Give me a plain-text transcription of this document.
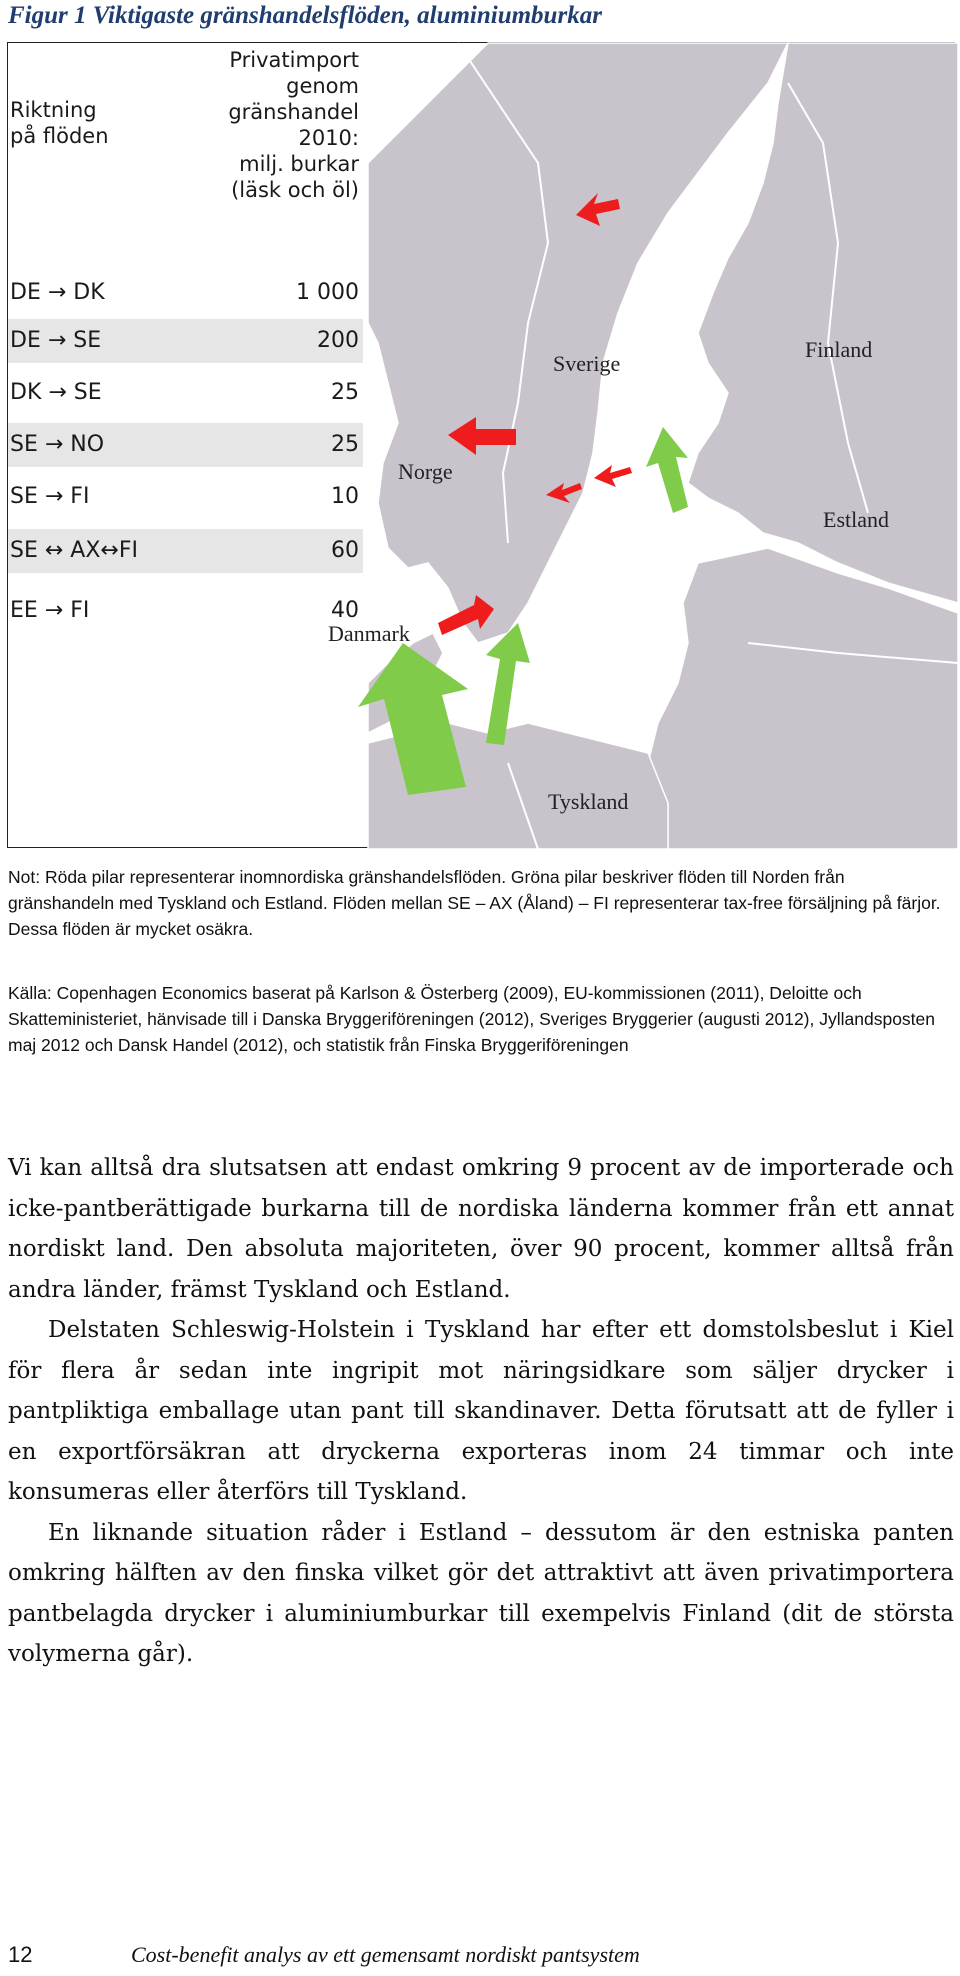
Figur 1 Viktigaste gränshandelsflöden, aluminiumburkar
Riktning
på flöden
Privatimport
genom
gränshandel
2010:
milj. burkar
(läsk och öl)
DE → DK	1 000
DE → SE	200
DK → SE	25
SE → NO	25
SE → FI	10
SE ↔ AX↔FI	60
EE → FI	40
Sverige
Finland
Norge
Estland
Danmark
Tyskland

Not: Röda pilar representerar inomnordiska gränshandelsflöden. Gröna pilar beskriver flöden till Norden från gränshandeln med Tyskland och Estland. Flöden mellan SE – AX (Åland) – FI representerar tax-free försäljning på färjor. Dessa flöden är mycket osäkra.

Källa: Copenhagen Economics baserat på Karlson & Österberg (2009), EU-kommissionen (2011), Deloitte och Skatteministeriet, hänvisade till i Danska Bryggeriföreningen (2012), Sveriges Bryggerier (augusti 2012), Jyllandsposten maj 2012 och Dansk Handel (2012), och statistik från Finska Bryggeriföreningen

Vi kan alltså dra slutsatsen att endast omkring 9 procent av de importerade och icke-pantberättigade burkarna till de nordiska länderna kommer från ett annat nordiskt land. Den absoluta majoriteten, över 90 procent, kommer alltså från andra länder, främst Tyskland och Estland.

Delstaten Schleswig-Holstein i Tyskland har efter ett domstolsbeslut i Kiel för flera år sedan inte ingripit mot näringsidkare som säljer drycker i pantpliktiga emballage utan pant till skandinaver. Detta förutsatt att de fyller i en exportförsäkran att dryckerna exporteras inom 24 timmar och inte konsumeras eller återförs till Tyskland.

En liknande situation råder i Estland – dessutom är den estniska panten omkring hälften av den finska vilket gör det attraktivt att även privatimportera pantbelagda drycker i aluminiumburkar till exempelvis Finland (dit de största volymerna går).

12	Cost-benefit analys av ett gemensamt nordiskt pantsystem
